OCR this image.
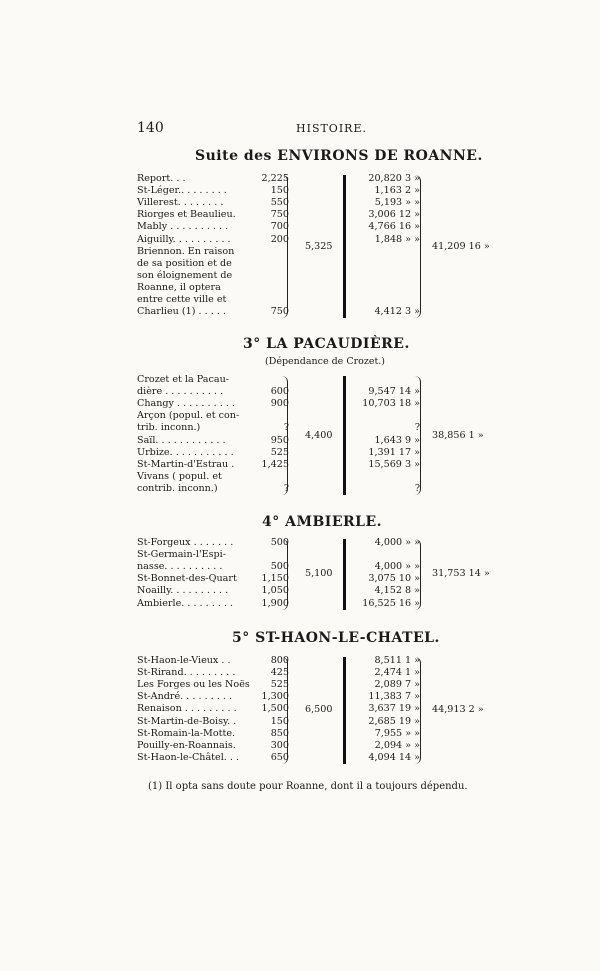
140	HISTOIRE.
Suite des ENVIRONS DE ROANNE.
Report. . .	2,225	20,820 3 »
St-Léger.. . . . . . . .	150	1,163 2 »
Villerest. . . . . . . .	550	5,193 » »
Riorges et Beaulieu.	750	3,006 12 »
Mably . . . . . . . . . .	700	4,766 16 »
Aiguilly. . . . . . . . . .	200	1,848 » »
Briennon. En raison
de sa position et de
son éloignement de
Roanne, il optera
entre cette ville et
Charlieu (1) . . . . .	750	4,412 3 »
5,325	41,209 16 »
3° LA PACAUDIÈRE.
(Dépendance de Crozet.)
Crozet et la Pacau-
dière . . . . . . . . . .	600	9,547 14 »
Changy . . . . . . . . . .	900	10,703 18 »
Arçon (popul. et con-
trib. inconn.)	?	?
Saïl. . . . . . . . . . . .	950	1,643 9 »
Urbize. . . . . . . . . . .	525	1,391 17 »
St-Martin-d'Estrau .	1,425	15,569 3 »
Vivans ( popul. et
contrib. inconn.)	?	?
4,400	38,856 1 »
4° AMBIERLE.
St-Forgeux . . . . . . .	500	4,000 » »
St-Germain-l'Espi-
nasse. . . . . . . . . .	500	4,000 » »
St-Bonnet-des-Quart	1,150	3,075 10 »
Noailly. . . . . . . . . .	1,050	4,152 8 »
Ambierle. . . . . . . . .	1,900	16,525 16 »
5,100	31,753 14 »
5° ST-HAON-LE-CHATEL.
St-Haon-le-Vieux . .	800	8,511 1 »
St-Rirand. . . . . . . . .	425	2,474 1 »
Les Forges ou les Noës 525	2,089 7 »
St-André. . . . . . . . .	1,300	11,383 7 »
Renaison . . . . . . . . .	1,500	3,637 19 »
St-Martin-de-Boisy. .	150	2,685 19 »
St-Romain-la-Motte.	850	7,955 » »
Pouilly-en-Roannais.	300	2,094 » »
St-Haon-le-Châtel. . .	650	4,094 14 »
6,500	44,913 2 »
(1) Il opta sans doute pour Roanne, dont il a toujours dépendu.
